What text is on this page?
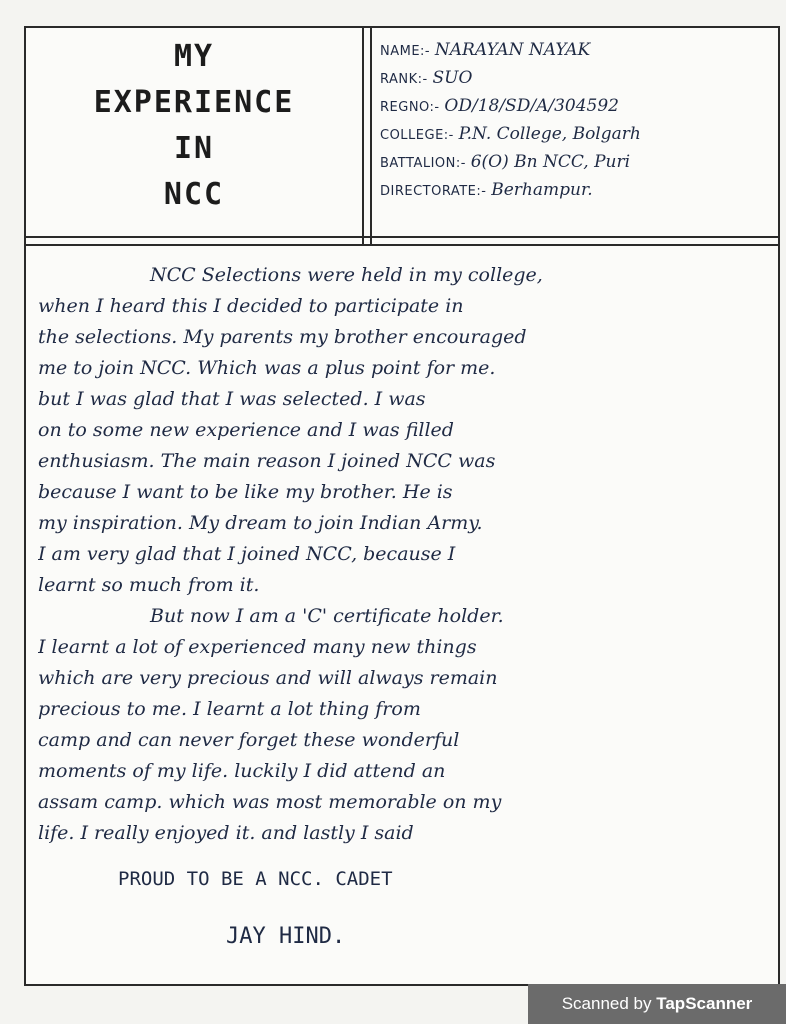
MY
EXPERIENCE
IN
NCC
NAME:- NARAYAN NAYAK
RANK:- SUO
REGNO:- OD/18/SD/A/304592
COLLEGE:- P.N. College, Bolgarh
BATTALION:- 6(O) Bn NCC, Puri
DIRECTORATE:- Berhampur.
NCC Selections were held in my college,
when I heard this I decided to participate in
the selections. My parents my brother encouraged
me to join NCC. Which was a plus point for me.
but I was glad that I was selected. I was
on to some new experience and I was filled
enthusiasm. The main reason I joined NCC was
because I want to be like my brother. He is
my inspiration. My dream to join Indian Army.
I am very glad that I joined NCC, because I
learnt so much from it.
But now I am a 'C' certificate holder.
I learnt a lot of experienced many new things
which are very precious and will always remain
precious to me. I learnt a lot thing from
camp and can never forget these wonderful
moments of my life. luckily I did attend an
assam camp. which was most memorable on my
life. I really enjoyed it. and lastly I said
PROUD TO BE A NCC. CADET
JAY HIND.
Scanned by TapScanner
